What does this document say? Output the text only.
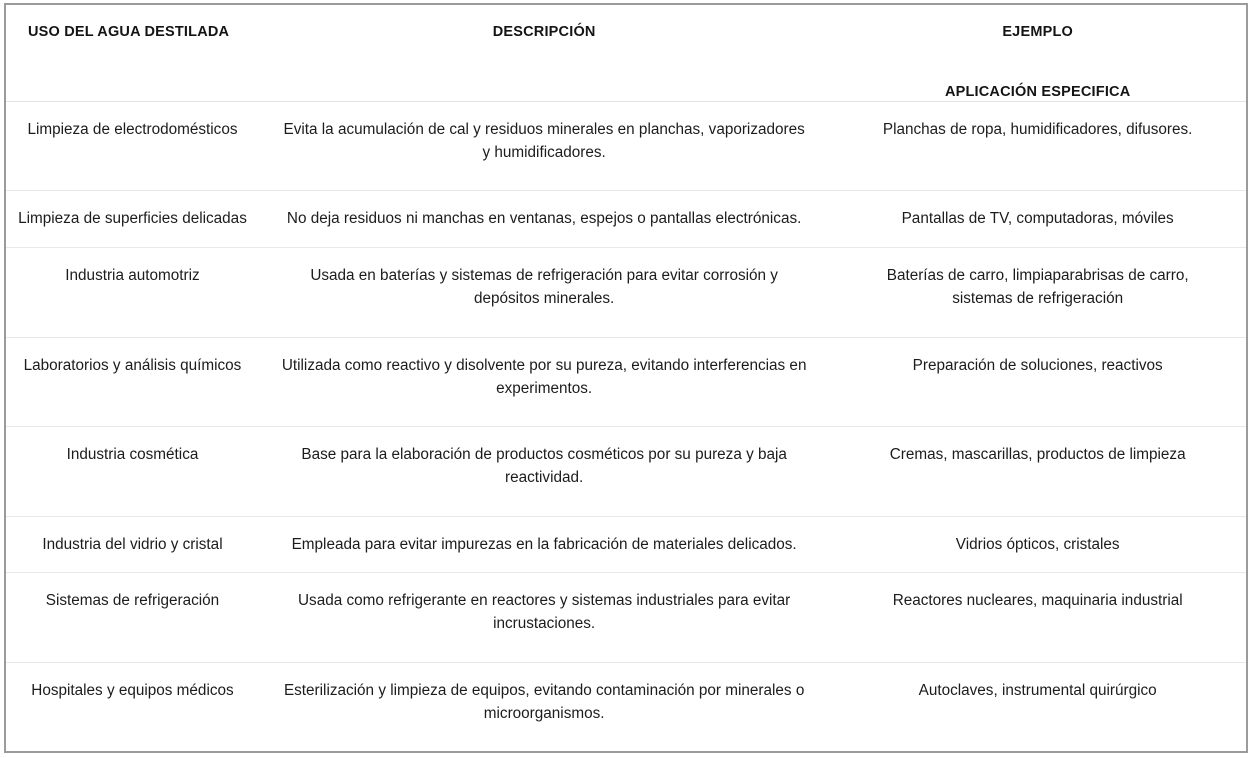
USO DEL AGUA DESTILADA	DESCRIPCIÓN	EJEMPLO
APLICACIÓN ESPECIFICA

Limpieza de electrodomésticos	Evita la acumulación de cal y residuos minerales en planchas, vaporizadores y humidificadores.	Planchas de ropa, humidificadores, difusores.

Limpieza de superficies delicadas	No deja residuos ni manchas en ventanas, espejos o pantallas electrónicas.	Pantallas de TV, computadoras, móviles

Industria automotriz	Usada en baterías y sistemas de refrigeración para evitar corrosión y depósitos minerales.	Baterías de carro, limpiaparabrisas de carro, sistemas de refrigeración

Laboratorios y análisis químicos	Utilizada como reactivo y disolvente por su pureza, evitando interferencias en experimentos.	Preparación de soluciones, reactivos

Industria cosmética	Base para la elaboración de productos cosméticos por su pureza y baja reactividad.	Cremas, mascarillas, productos de limpieza

Industria del vidrio y cristal	Empleada para evitar impurezas en la fabricación de materiales delicados.	Vidrios ópticos, cristales

Sistemas de refrigeración	Usada como refrigerante en reactores y sistemas industriales para evitar incrustaciones.	Reactores nucleares, maquinaria industrial

Hospitales y equipos médicos	Esterilización y limpieza de equipos, evitando contaminación por minerales o microorganismos.	Autoclaves, instrumental quirúrgico
